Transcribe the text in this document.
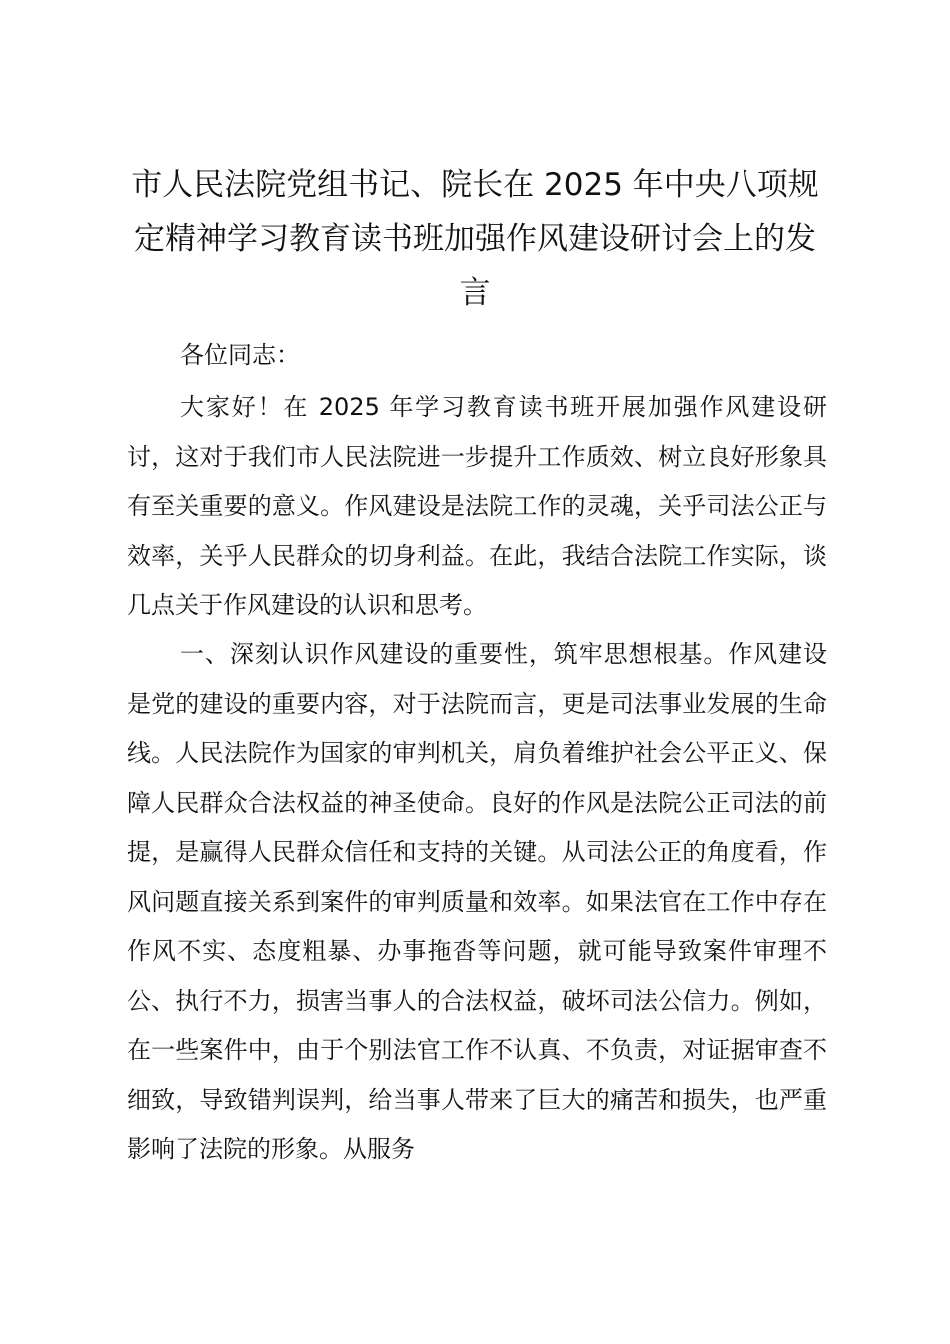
市人民法院党组书记、院长在 2025 年中央八项规定精神学习教育读书班加强作风建设研讨会上的发言

各位同志：

大家好！在 2025 年学习教育读书班开展加强作风建设研讨，这对于我们市人民法院进一步提升工作质效、树立良好形象具有至关重要的意义。作风建设是法院工作的灵魂，关乎司法公正与效率，关乎人民群众的切身利益。在此，我结合法院工作实际，谈几点关于作风建设的认识和思考。

一、深刻认识作风建设的重要性，筑牢思想根基。作风建设是党的建设的重要内容，对于法院而言，更是司法事业发展的生命线。人民法院作为国家的审判机关，肩负着维护社会公平正义、保障人民群众合法权益的神圣使命。良好的作风是法院公正司法的前提，是赢得人民群众信任和支持的关键。从司法公正的角度看，作风问题直接关系到案件的审判质量和效率。如果法官在工作中存在作风不实、态度粗暴、办事拖沓等问题，就可能导致案件审理不公、执行不力，损害当事人的合法权益，破坏司法公信力。例如，在一些案件中，由于个别法官工作不认真、不负责，对证据审查不细致，导致错判误判，给当事人带来了巨大的痛苦和损失，也严重影响了法院的形象。从服务
